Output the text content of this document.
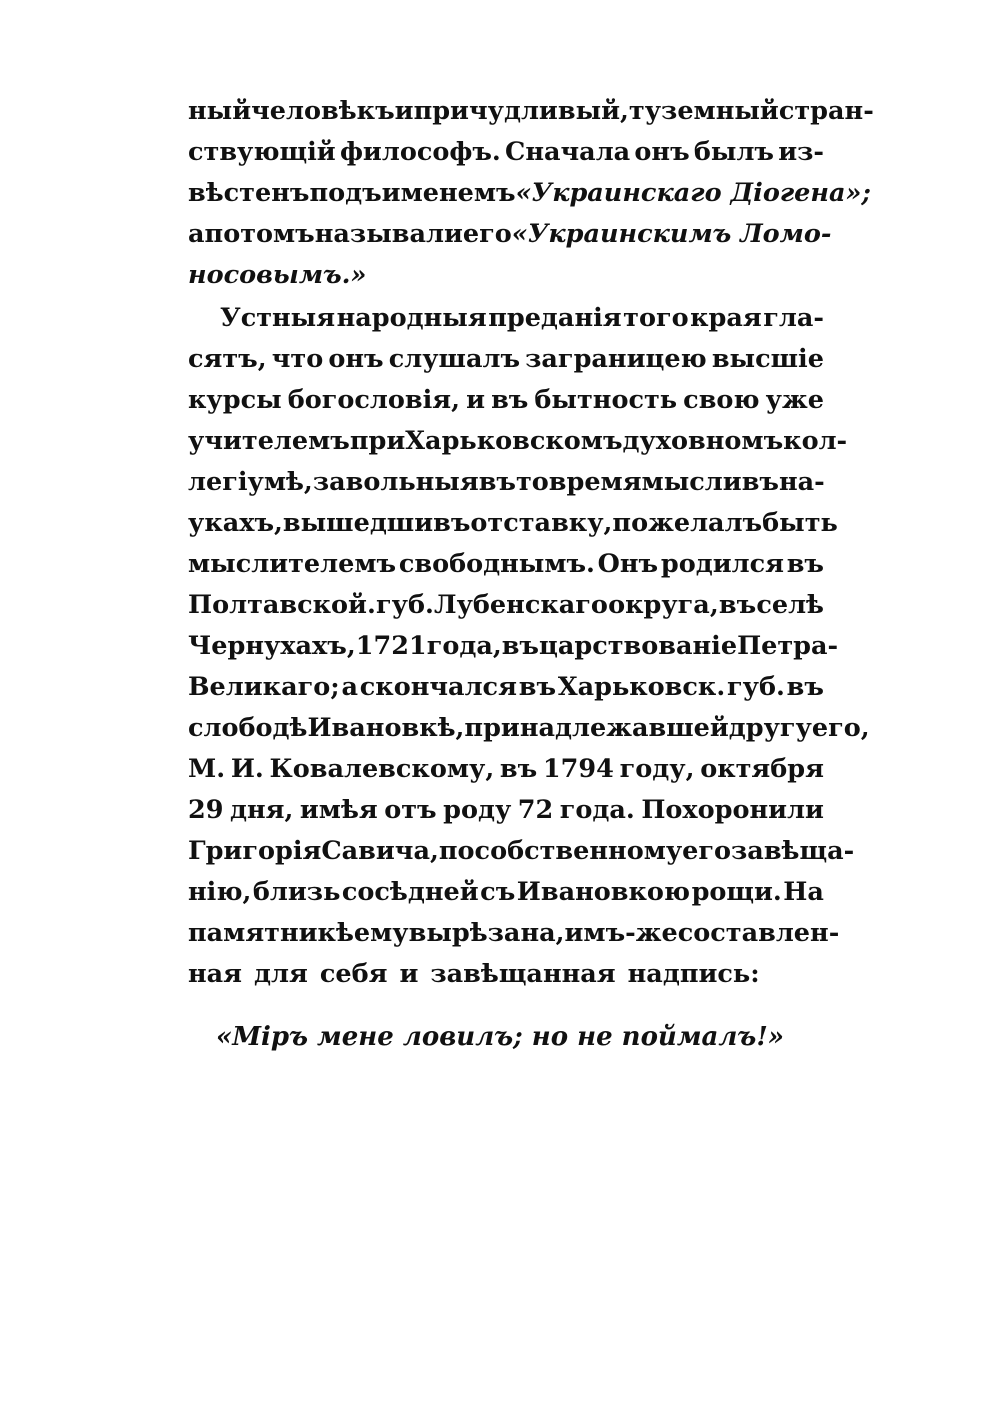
ный человѣкъ и причудливый, туземный стран-
ствующій философъ. Сначала онъ былъ из-
вѣстенъ подъ именемъ «Украинскаго Діогена»;
а потомъ называли его «Украинскимъ Ломо-
носовымъ.»
Устныя народныя преданія того края гла-
сятъ, что онъ слушалъ заграницею высшіе
курсы богословія, и въ бытность свою уже
учителемъ при Харьковскомъ духовномъ кол-
легіумѣ, за вольныя въ то время мысли въ на-
укахъ, вышедши въ отставку, пожелалъ быть
мыслителемъ свободнымъ. Онъ родился въ
Полтавской. губ. Лубенскаго округа, въ селѣ
Чернухахъ, 1721 года, въ царствованіе Петра-
Великаго; а скончался въ Харьковск. губ. въ
слободѣ Ивановкѣ, принадлежавшей другу его,
М. И. Ковалевскому, въ 1794 году, октября
29 дня, имѣя отъ роду 72 года. Похоронили
Григорія Савича, по собственному его завѣща-
нію, близь сосѣдней съ Ивановкою рощи. На
памятникѣ ему вырѣзана, имъ - же составлен-
ная для себя и завѣщанная надпись:
«Міръ мене ловилъ; но не поймалъ!»
